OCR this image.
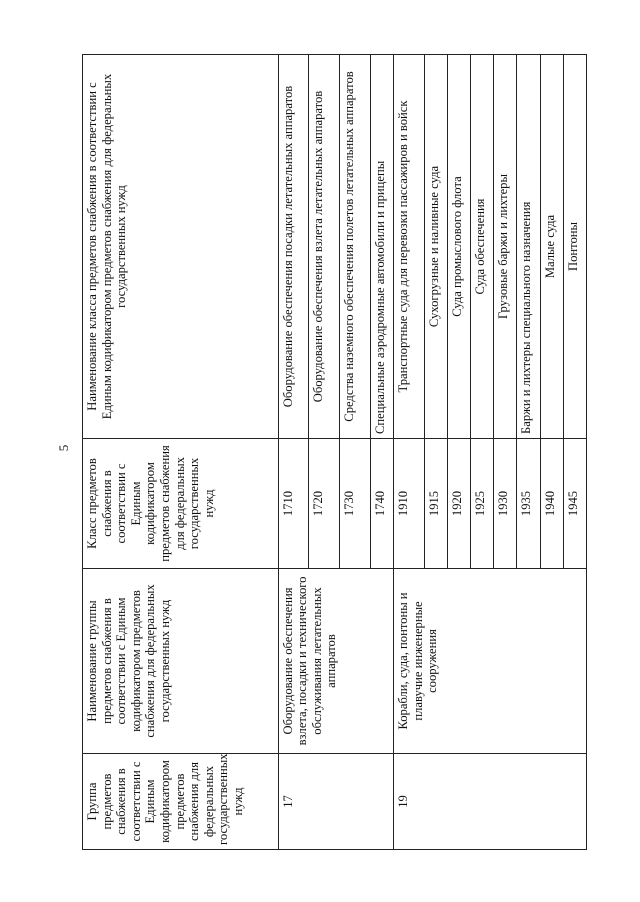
5
Группа предметов снабжения в соответствии с Единым кодификатором предметов снабжения для федеральных государственных нужд	Наименование группы предметов снабжения в соответствии с Единым кодификатором предметов снабжения для федеральных государственных нужд	Класс предметов снабжения в соответствии с Единым кодификатором предметов снабжения для федеральных государственных нужд	Наименование класса предметов снабжения в соответствии с Единым кодификатором предметов снабжения для федеральных государственных нужд
17	Оборудование обеспечения взлета, посадки и технического обслуживания летательных аппаратов	1710	Оборудование обеспечения посадки летательных аппаратов
		1720	Оборудование обеспечения взлета летательных аппаратов
		1730	Средства наземного обеспечения полетов летательных аппаратов
		1740	Специальные аэродромные автомобили и прицепы
19	Корабли, суда, понтоны и плавучие инженерные сооружения	1910	Транспортные суда для перевозки пассажиров и войск
		1915	Сухогрузные и наливные суда
		1920	Суда промыслового флота
		1925	Суда обеспечения
		1930	Грузовые баржи и лихтеры
		1935	Баржи и лихтеры специального назначения
		1940	Малые суда
		1945	Понтоны
